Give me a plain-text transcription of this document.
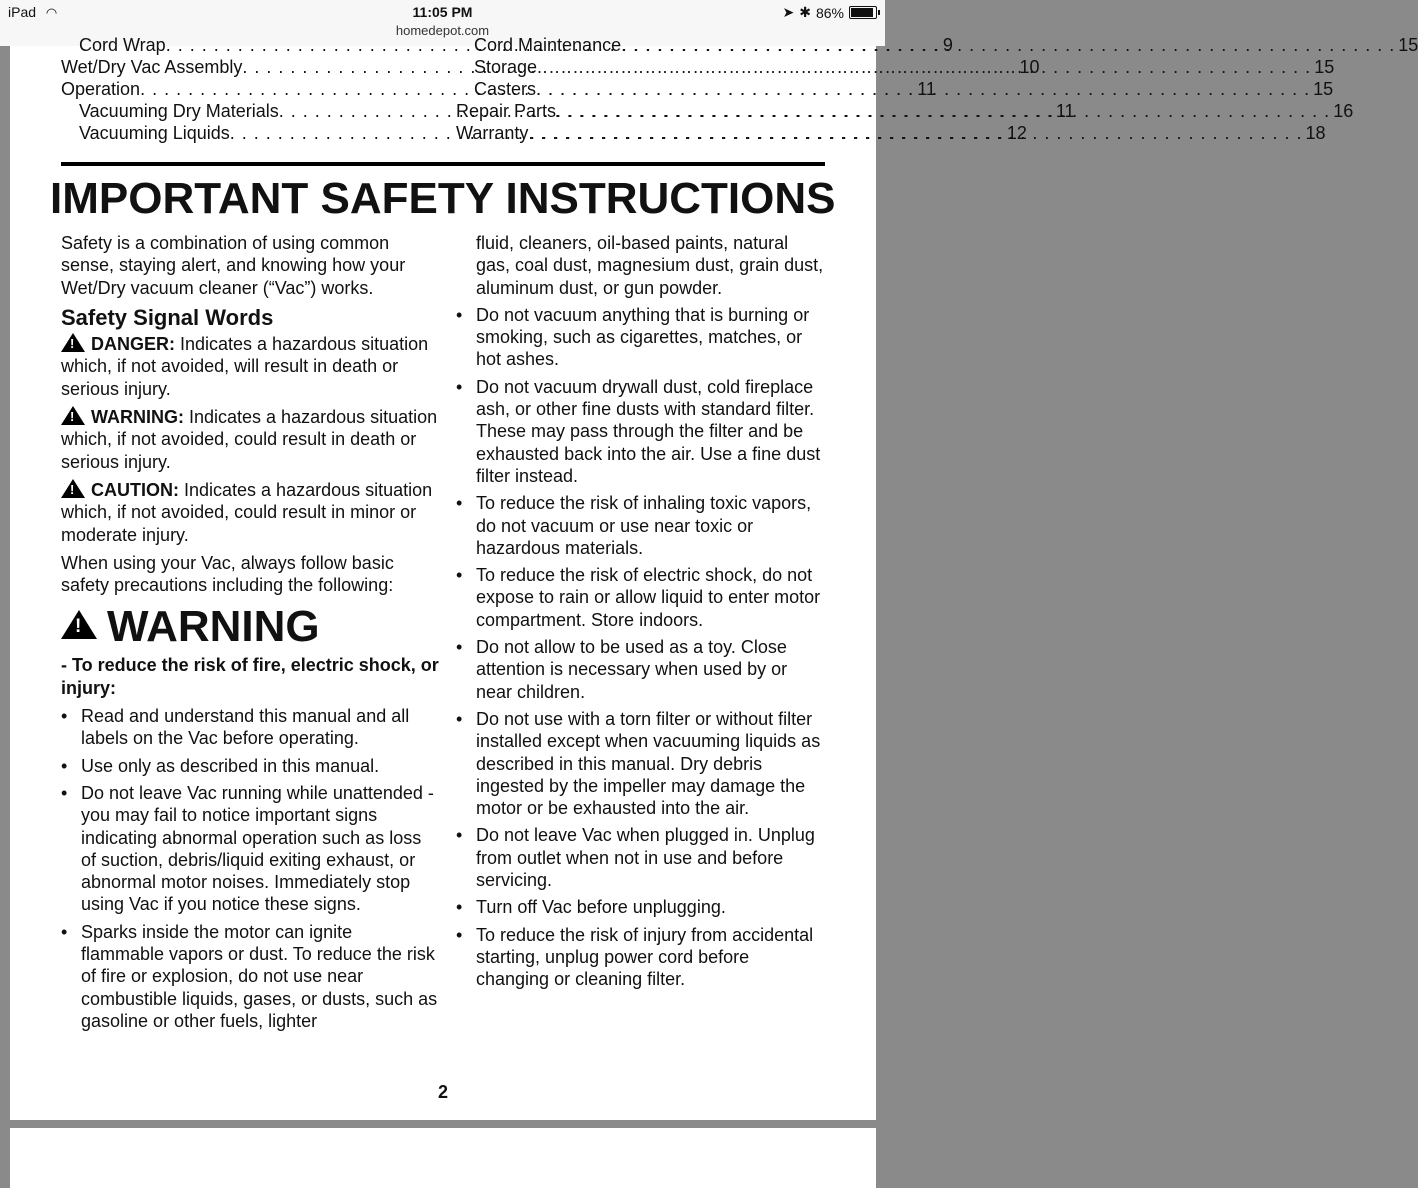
iPad ◠	11:05 PM
homedepot.com
➤ ✱ 86%
Cord Wrap . . .	9
Wet/Dry Vac Assembly . . .	10
Operation . . .	11
Vacuuming Dry Materials . . .	11
Vacuuming Liquids . . .	12
Cord Maintenance . . .	15
Storage . . .	15
Casters . . .	15
Repair Parts . . .	16
Warranty . . .	18
IMPORTANT SAFETY INSTRUCTIONS

Safety is a combination of using common sense, staying alert, and knowing how your Wet/Dry vacuum cleaner (“Vac”) works.

Safety Signal Words

!DANGER: Indicates a hazardous situation which, if not avoided, will result in death or serious injury.

!WARNING: Indicates a hazardous situation which, if not avoided, could result in death or serious injury.

!CAUTION: Indicates a hazardous situation which, if not avoided, could result in minor or moderate injury.

When using your Vac, always follow basic safety precautions including the following:

!WARNING
- To reduce the risk of fire, electric shock, or injury:
• Read and understand this manual and all labels on the Vac before operating.
• Use only as described in this manual.
• Do not leave Vac running while unattended - you may fail to notice important signs indicating abnormal operation such as loss of suction, debris/liquid exiting exhaust, or abnormal motor noises. Immediately stop using Vac if you notice these signs.
• Sparks inside the motor can ignite flammable vapors or dust. To reduce the risk of fire or explosion, do not use near combustible liquids, gases, or dusts, such as gasoline or other fuels, lighter

fluid, cleaners, oil-based paints, natural gas, coal dust, magnesium dust, grain dust, aluminum dust, or gun powder.

• Do not vacuum anything that is burning or smoking, such as cigarettes, matches, or hot ashes.
• Do not vacuum drywall dust, cold fireplace ash, or other fine dusts with standard filter. These may pass through the filter and be exhausted back into the air. Use a fine dust filter instead.
• To reduce the risk of inhaling toxic vapors, do not vacuum or use near toxic or hazardous materials.
• To reduce the risk of electric shock, do not expose to rain or allow liquid to enter motor compartment. Store indoors.
• Do not allow to be used as a toy. Close attention is necessary when used by or near children.
• Do not use with a torn filter or without filter installed except when vacuuming liquids as described in this manual. Dry debris ingested by the impeller may damage the motor or be exhausted into the air.
• Do not leave Vac when plugged in. Unplug from outlet when not in use and before servicing.
• Turn off Vac before unplugging.
• To reduce the risk of injury from accidental starting, unplug power cord before changing or cleaning filter.
2
